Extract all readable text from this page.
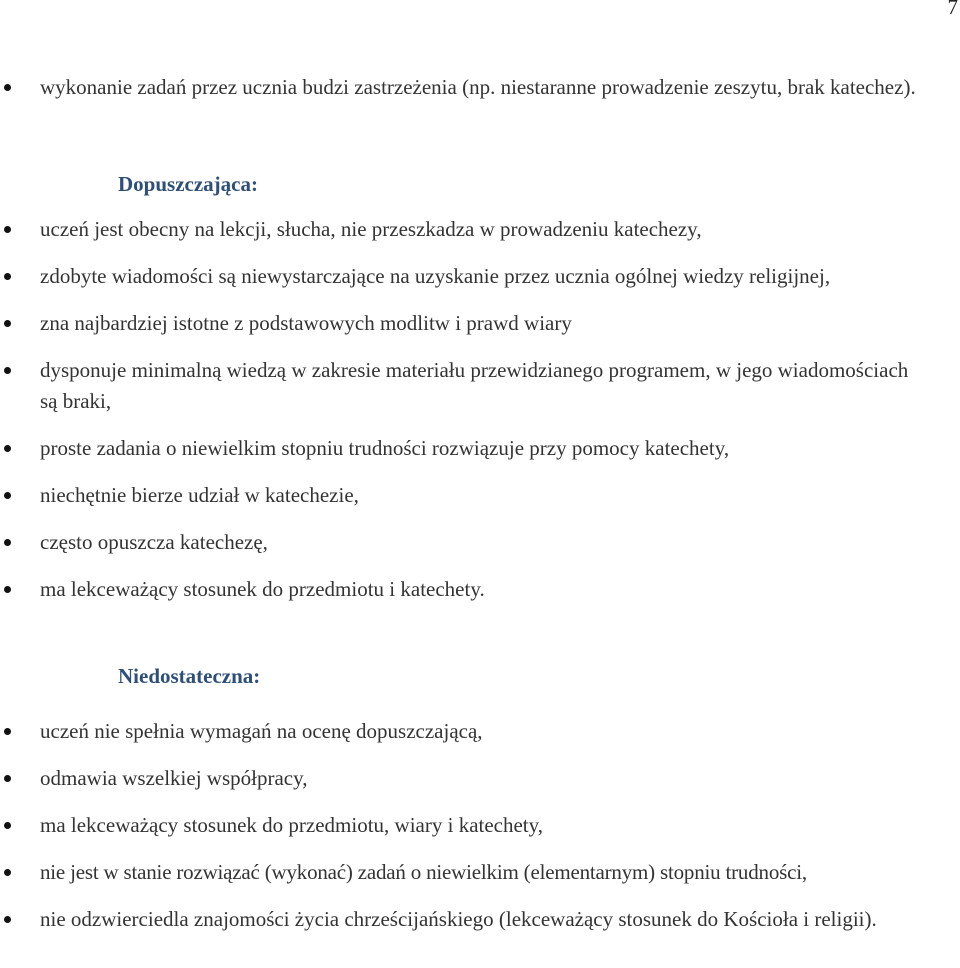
7
wykonanie zadań przez ucznia budzi zastrzeżenia (np. niestaranne prowadzenie zeszytu, brak katechez).
Dopuszczająca:
uczeń jest obecny na lekcji, słucha, nie przeszkadza w prowadzeniu katechezy,
zdobyte wiadomości są niewystarczające na uzyskanie przez ucznia ogólnej wiedzy religijnej,
zna najbardziej istotne z podstawowych modlitw i prawd wiary
dysponuje minimalną wiedzą w zakresie materiału przewidzianego programem, w jego wiadomościach są braki,
proste zadania o niewielkim stopniu trudności rozwiązuje przy pomocy katechety,
niechętnie bierze udział w katechezie,
często opuszcza katechezę,
ma lekceważący stosunek do przedmiotu i katechety.
Niedostateczna:
uczeń nie spełnia wymagań na ocenę dopuszczającą,
odmawia wszelkiej współpracy,
ma lekceważący stosunek do przedmiotu, wiary i katechety,
nie jest w stanie rozwiązać (wykonać) zadań o niewielkim (elementarnym) stopniu trudności,
nie odzwierciedla znajomości życia chrześcijańskiego (lekceważący stosunek do Kościoła i religii).
